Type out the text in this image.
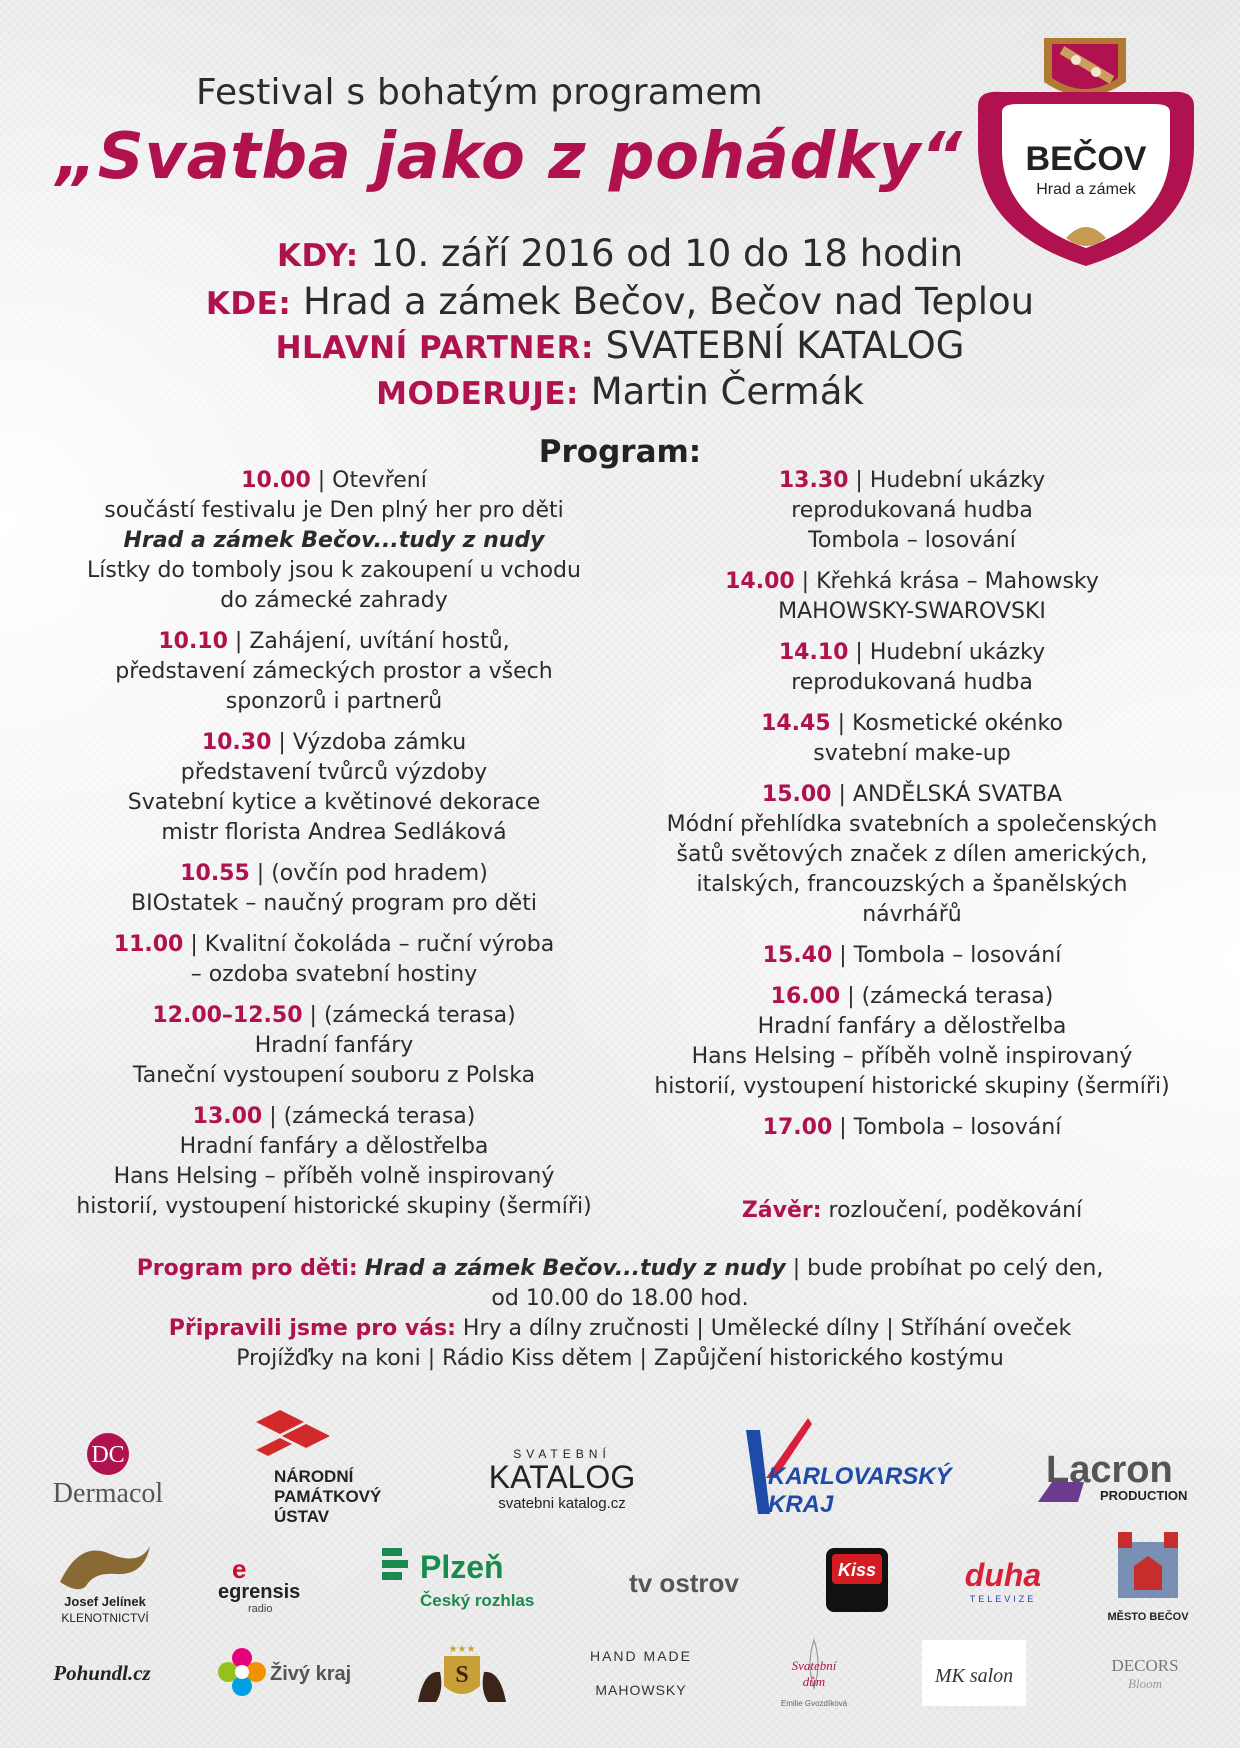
Festival s bohatým programem
„Svatba jako z pohádky“ BEČOV
Hrad a zámek
KDY: 10. září 2016 od 10 do 18 hodin
KDE: Hrad a zámek Bečov, Bečov nad Teplou
HLAVNÍ PARTNER: SVATEBNÍ KATALOG
MODERUJE: Martin Čermák
Program:
10.00 | Otevření
součástí festivalu je Den plný her pro děti
Hrad a zámek Bečov...tudy z nudy
Lístky do tomboly jsou k zakoupení u vchodu
do zámecké zahrady
10.10 | Zahájení, uvítání hostů,
představení zámeckých prostor a všech
sponzorů i partnerů
10.30 | Výzdoba zámku
představení tvůrců výzdoby
Svatební kytice a květinové dekorace
mistr florista Andrea Sedláková
10.55 | (ovčín pod hradem)
BIOstatek – naučný program pro děti
11.00 | Kvalitní čokoláda – ruční výroba
– ozdoba svatební hostiny
12.00–12.50 | (zámecká terasa)
Hradní fanfáry
Taneční vystoupení souboru z Polska
13.00 | (zámecká terasa)
Hradní fanfáry a dělostřelba
Hans Helsing – příběh volně inspirovaný
historií, vystoupení historické skupiny (šermíři)
13.30 | Hudební ukázky
reprodukovaná hudba
Tombola – losování
14.00 | Křehká krása – Mahowsky
MAHOWSKY-SWAROVSKI
14.10 | Hudební ukázky
reprodukovaná hudba
14.45 | Kosmetické okénko
svatební make-up
15.00 | ANDĚLSKÁ SVATBA
Módní přehlídka svatebních a společenských
šatů světových značek z dílen amerických,
italských, francouzských a španělských
návrhářů
15.40 | Tombola – losování
16.00 | (zámecká terasa)
Hradní fanfáry a dělostřelba
Hans Helsing – příběh volně inspirovaný
historií, vystoupení historické skupiny (šermíři)
17.00 | Tombola – losování
Závěr: rozloučení, poděkování
Program pro děti: Hrad a zámek Bečov...tudy z nudy | bude probíhat po celý den,
od 10.00 do 18.00 hod.
Připravili jsme pro vás: Hry a dílny zručnosti | Umělecké dílny | Stříhání oveček
Projížďky na koni | Rádio Kiss dětem | Zapůjčení historického kostýmu
DC
Dermacol
NÁRODNÍ
PAMÁTKOVÝ
ÚSTAV
SVATEBNÍ
KATALOG
svatebni katalog.cz
KARLOVARSKÝ
KRAJ
Lacron
PRODUCTION
Josef Jelínek
KLENOTNICTVÍ
e
egrensis
radio
Plzeň
Český rozhlas
tv ostrov	Kiss	duha
TELEVIZE
MĚSTO BEČOV
Pohundl.cz	Živý kraj	S
★★★	HAND MADE
MAHOWSKY
Svatební
dům
Emilie Gvozdíková
MK salon	DECORS
Bloom
